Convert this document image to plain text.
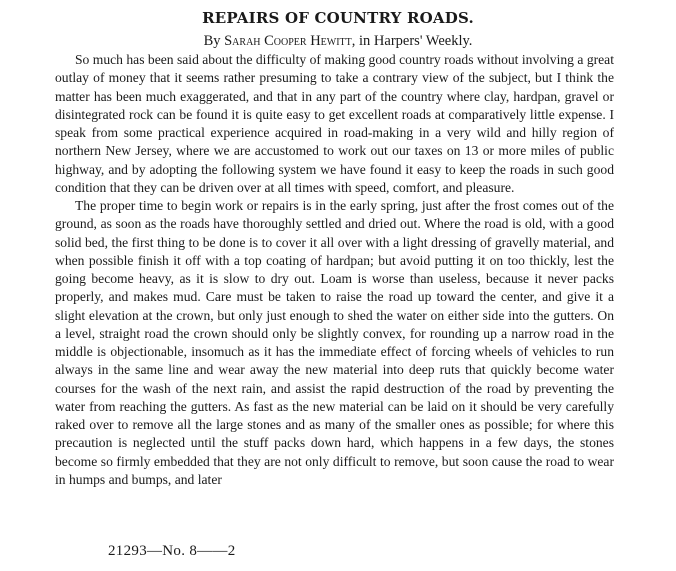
REPAIRS OF COUNTRY ROADS.

By Sarah Cooper Hewitt, in Harpers' Weekly.

So much has been said about the difficulty of making good country roads without involving a great outlay of money that it seems rather presuming to take a contrary view of the subject, but I think the matter has been much exaggerated, and that in any part of the country where clay, hardpan, gravel or disintegrated rock can be found it is quite easy to get excellent roads at comparatively little expense. I speak from some practical experience acquired in road-making in a very wild and hilly region of northern New Jersey, where we are accustomed to work out our taxes on 13 or more miles of public highway, and by adopting the following system we have found it easy to keep the roads in such good condition that they can be driven over at all times with speed, comfort, and pleasure.

The proper time to begin work or repairs is in the early spring, just after the frost comes out of the ground, as soon as the roads have thoroughly settled and dried out. Where the road is old, with a good solid bed, the first thing to be done is to cover it all over with a light dressing of gravelly material, and when possible finish it off with a top coating of hardpan; but avoid putting it on too thickly, lest the going become heavy, as it is slow to dry out. Loam is worse than useless, because it never packs properly, and makes mud. Care must be taken to raise the road up toward the center, and give it a slight elevation at the crown, but only just enough to shed the water on either side into the gutters. On a level, straight road the crown should only be slightly convex, for rounding up a narrow road in the middle is objectionable, insomuch as it has the immediate effect of forcing wheels of vehicles to run always in the same line and wear away the new material into deep ruts that quickly become water courses for the wash of the next rain, and assist the rapid destruction of the road by preventing the water from reaching the gutters. As fast as the new material can be laid on it should be very carefully raked over to remove all the large stones and as many of the smaller ones as possible; for where this precaution is neglected until the stuff packs down hard, which happens in a few days, the stones become so firmly embedded that they are not only difficult to remove, but soon cause the road to wear in humps and bumps, and later

21293—No. 8——2
